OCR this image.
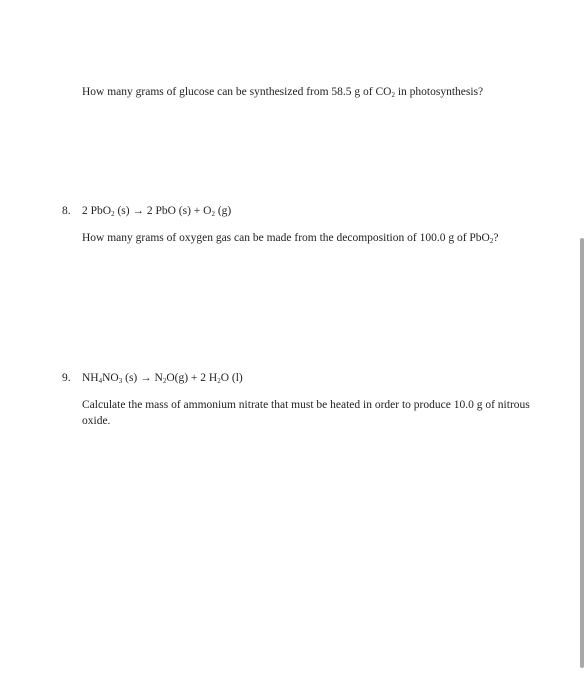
How many grams of glucose can be synthesized from 58.5 g of $CO_2$ in photosynthesis?
8. 2 PbO$_2$ (s) → 2 PbO $(s) + O_2$ (g)
How many grams of oxygen gas can be made from the decomposition of 100.0 g of PbO$_2$?
9. $NH_4NO_3$ $(s) \to N_2O(g) + 2$ $H_2O$ (l)
Calculate the mass of ammonium nitrate that must be heated in order to produce 10.0 g of nitrous oxide.
